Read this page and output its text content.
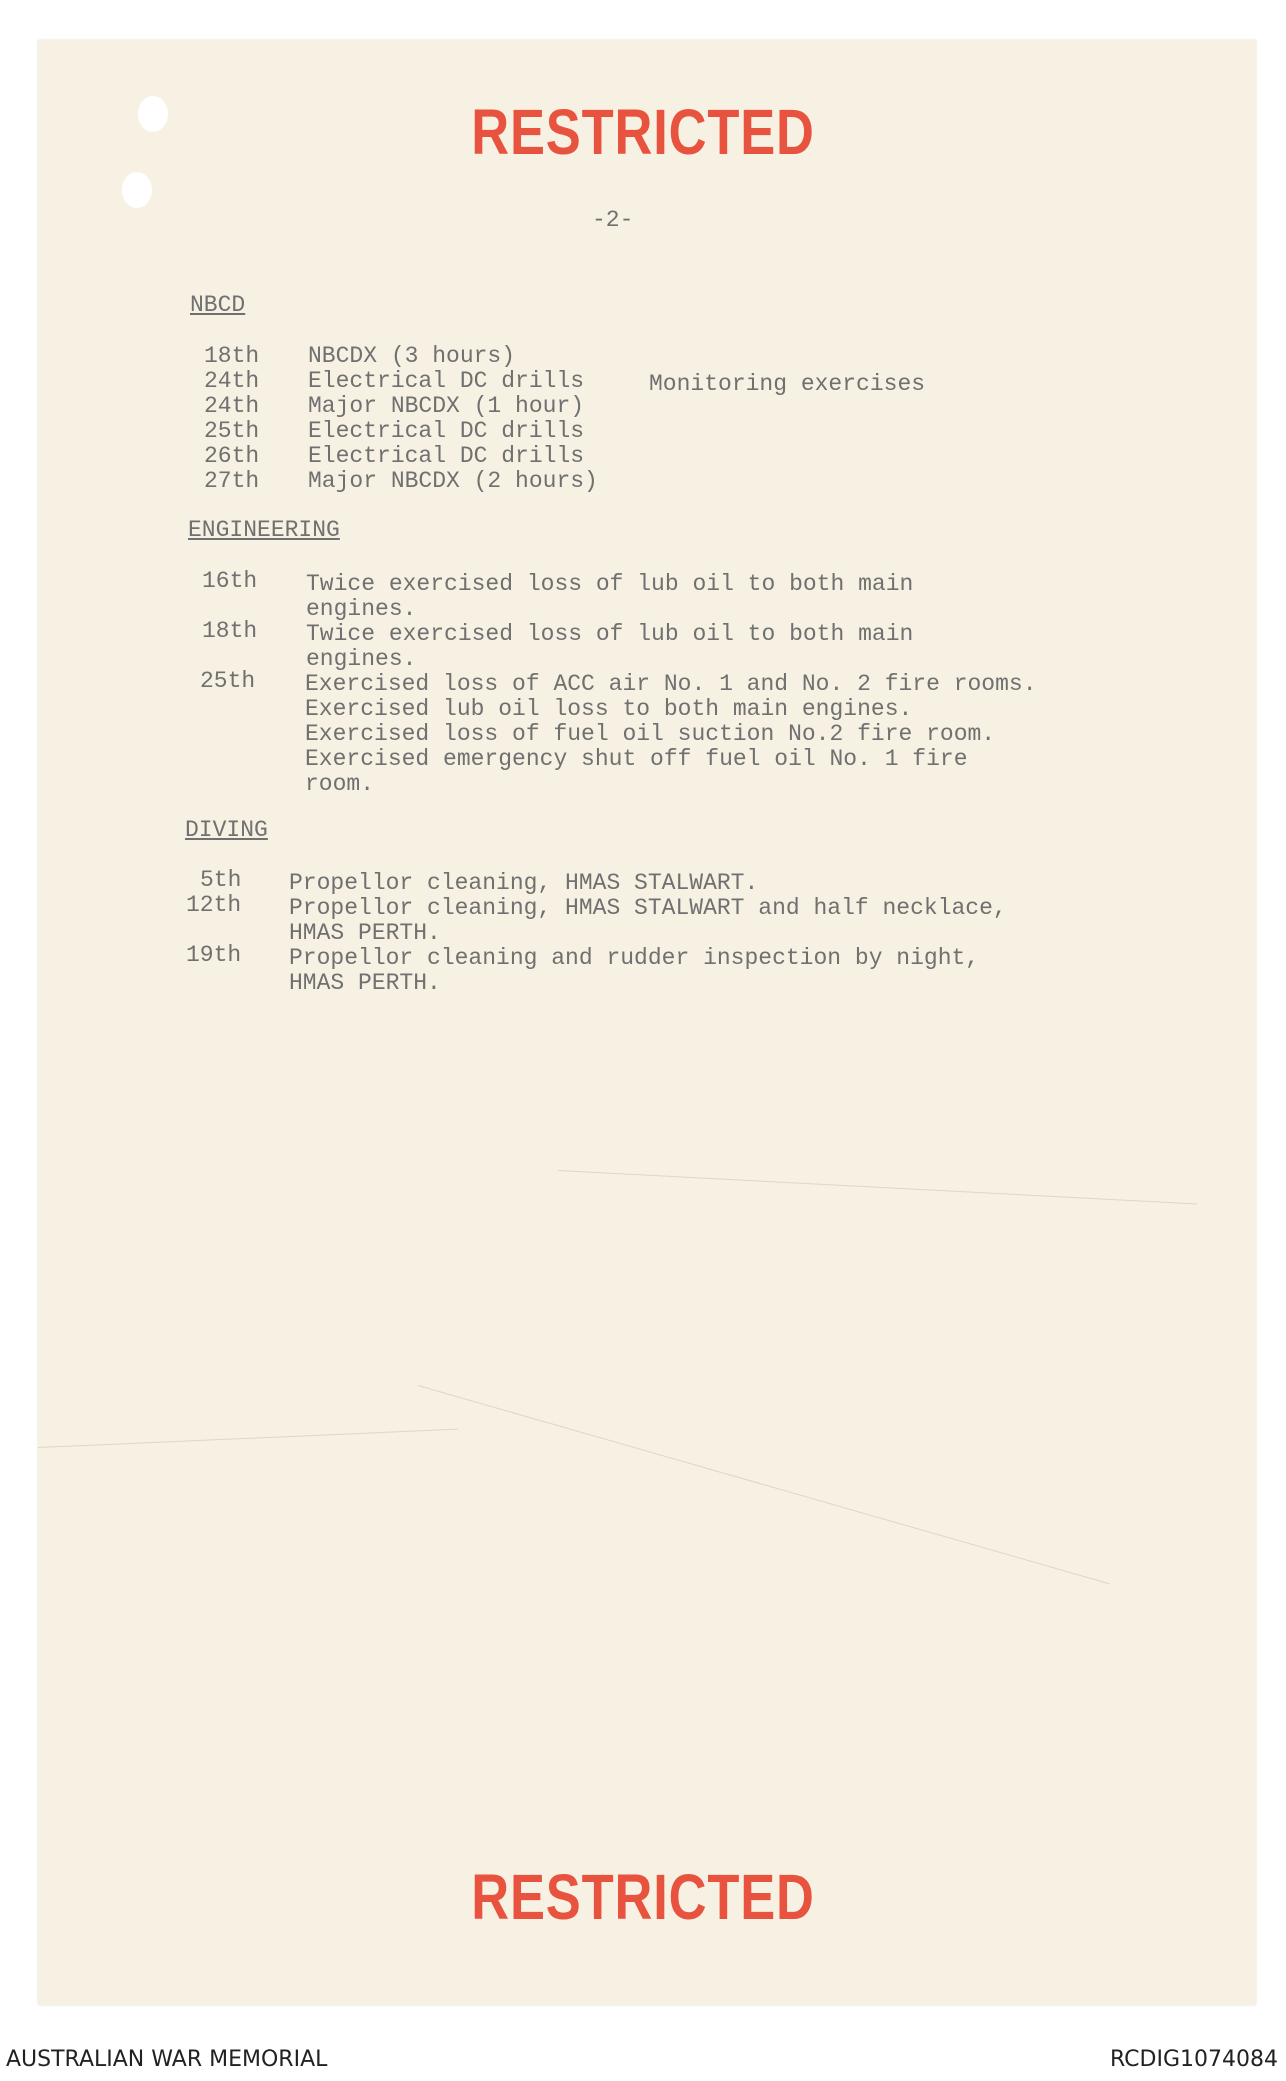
RESTRICTED
-2-
NBCD
18th NBCDX (3 hours)
24th Electrical DC drills
24th Major NBCDX (1 hour)
25th Electrical DC drills
26th Electrical DC drills
27th Major NBCDX (2 hours)
Monitoring exercises
ENGINEERING
16th Twice exercised loss of lub oil to both main
engines.
18th Twice exercised loss of lub oil to both main
engines.
25th Exercised loss of ACC air No. 1 and No. 2 fire rooms.
Exercised lub oil loss to both main engines.
Exercised loss of fuel oil suction No.2 fire room.
Exercised emergency shut off fuel oil No. 1 fire
room.
DIVING
5th Propellor cleaning, HMAS STALWART.
12th Propellor cleaning, HMAS STALWART and half necklace,
HMAS PERTH.
19th Propellor cleaning and rudder inspection by night,
HMAS PERTH.
RESTRICTED
AUSTRALIAN WAR MEMORIAL	RCDIG1074084
